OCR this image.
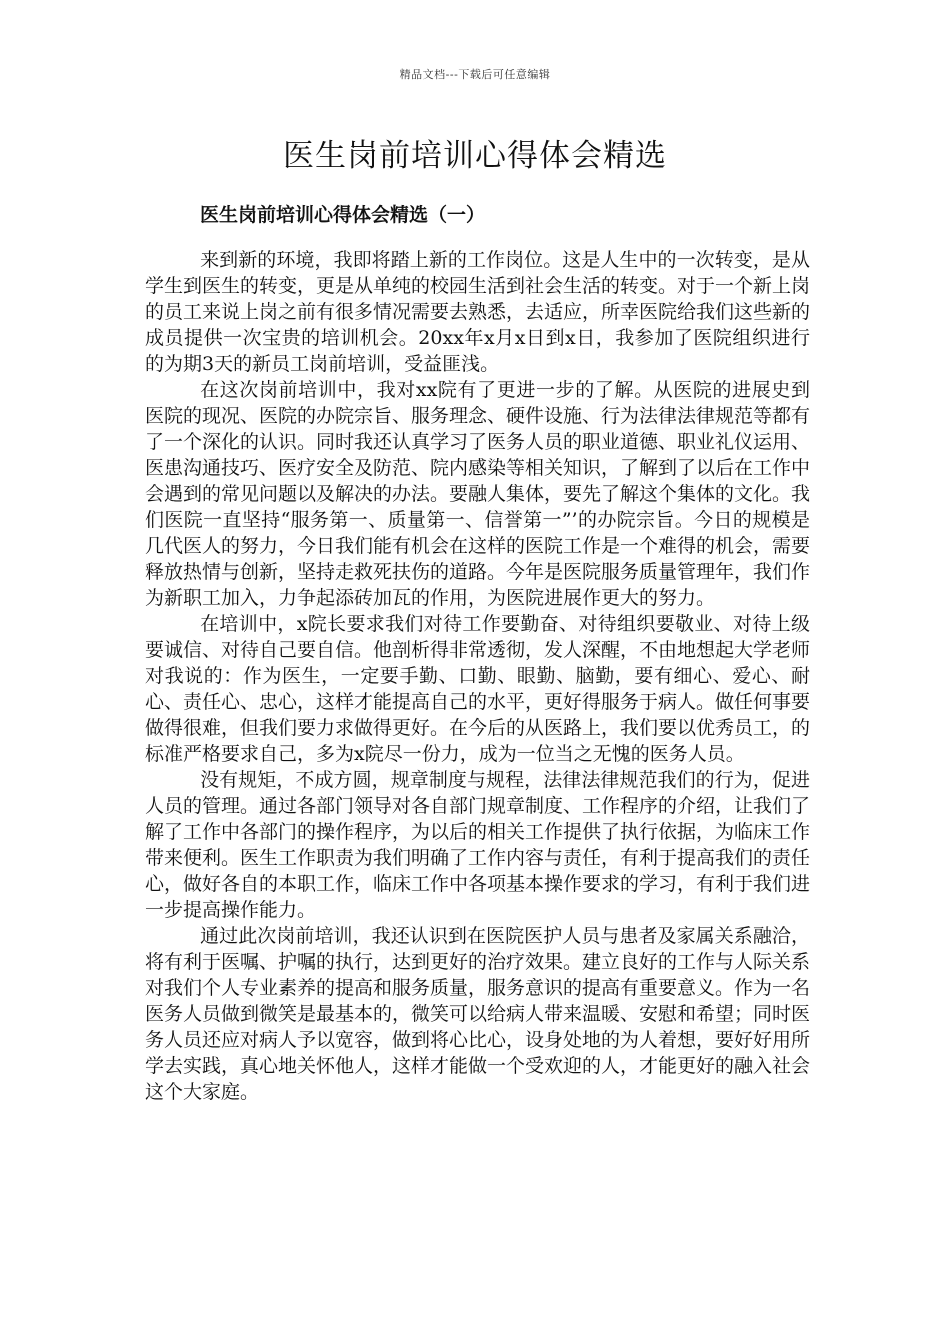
精品文档---下载后可任意编辑
医生岗前培训心得体会精选
医生岗前培训心得体会精选（一）

来到新的环境，我即将踏上新的工作岗位。这是人生中的一次转变，是从学生到医生的转变，更是从单纯的校园生活到社会生活的转变。对于一个新上岗的员工来说上岗之前有很多情况需要去熟悉，去适应，所幸医院给我们这些新的成员提供一次宝贵的培训机会。20xx年x月x日到x日，我参加了医院组织进行的为期3天的新员工岗前培训，受益匪浅。

在这次岗前培训中，我对xx院有了更进一步的了解。从医院的进展史到医院的现况、医院的办院宗旨、服务理念、硬件设施、行为法律法律规范等都有了一个深化的认识。同时我还认真学习了医务人员的职业道德、职业礼仪运用、医患沟通技巧、医疗安全及防范、院内感染等相关知识，了解到了以后在工作中会遇到的常见问题以及解决的办法。要融人集体，要先了解这个集体的文化。我们医院一直坚持“服务第一、质量第一、信誉第一”’的办院宗旨。今日的规模是几代医人的努力，今日我们能有机会在这样的医院工作是一个难得的机会，需要释放热情与创新，坚持走救死扶伤的道路。今年是医院服务质量管理年，我们作为新职工加入，力争起添砖加瓦的作用，为医院进展作更大的努力。

在培训中，x院长要求我们对待工作要勤奋、对待组织要敬业、对待上级要诚信、对待自己要自信。他剖析得非常透彻，发人深醒，不由地想起大学老师对我说的：作为医生，一定要手勤、口勤、眼勤、脑勤，要有细心、爱心、耐心、责任心、忠心，这样才能提高自己的水平，更好得服务于病人。做任何事要做得很难，但我们要力求做得更好。在今后的从医路上，我们要以优秀员工，的标准严格要求自己，多为x院尽一份力，成为一位当之无愧的医务人员。

没有规矩，不成方圆，规章制度与规程，法律法律规范我们的行为，促进人员的管理。通过各部门领导对各自部门规章制度、工作程序的介绍，让我们了解了工作中各部门的操作程序，为以后的相关工作提供了执行依据，为临床工作带来便利。医生工作职责为我们明确了工作内容与责任，有利于提高我们的责任心，做好各自的本职工作，临床工作中各项基本操作要求的学习，有利于我们进一步提高操作能力。

通过此次岗前培训，我还认识到在医院医护人员与患者及家属关系融洽，将有利于医嘱、护嘱的执行，达到更好的治疗效果。建立良好的工作与人际关系对我们个人专业素养的提高和服务质量，服务意识的提高有重要意义。作为一名医务人员做到微笑是最基本的，微笑可以给病人带来温暖、安慰和希望；同时医务人员还应对病人予以宽容，做到将心比心，设身处地的为人着想，要好好用所学去实践，真心地关怀他人，这样才能做一个受欢迎的人，才能更好的融入社会这个大家庭。
